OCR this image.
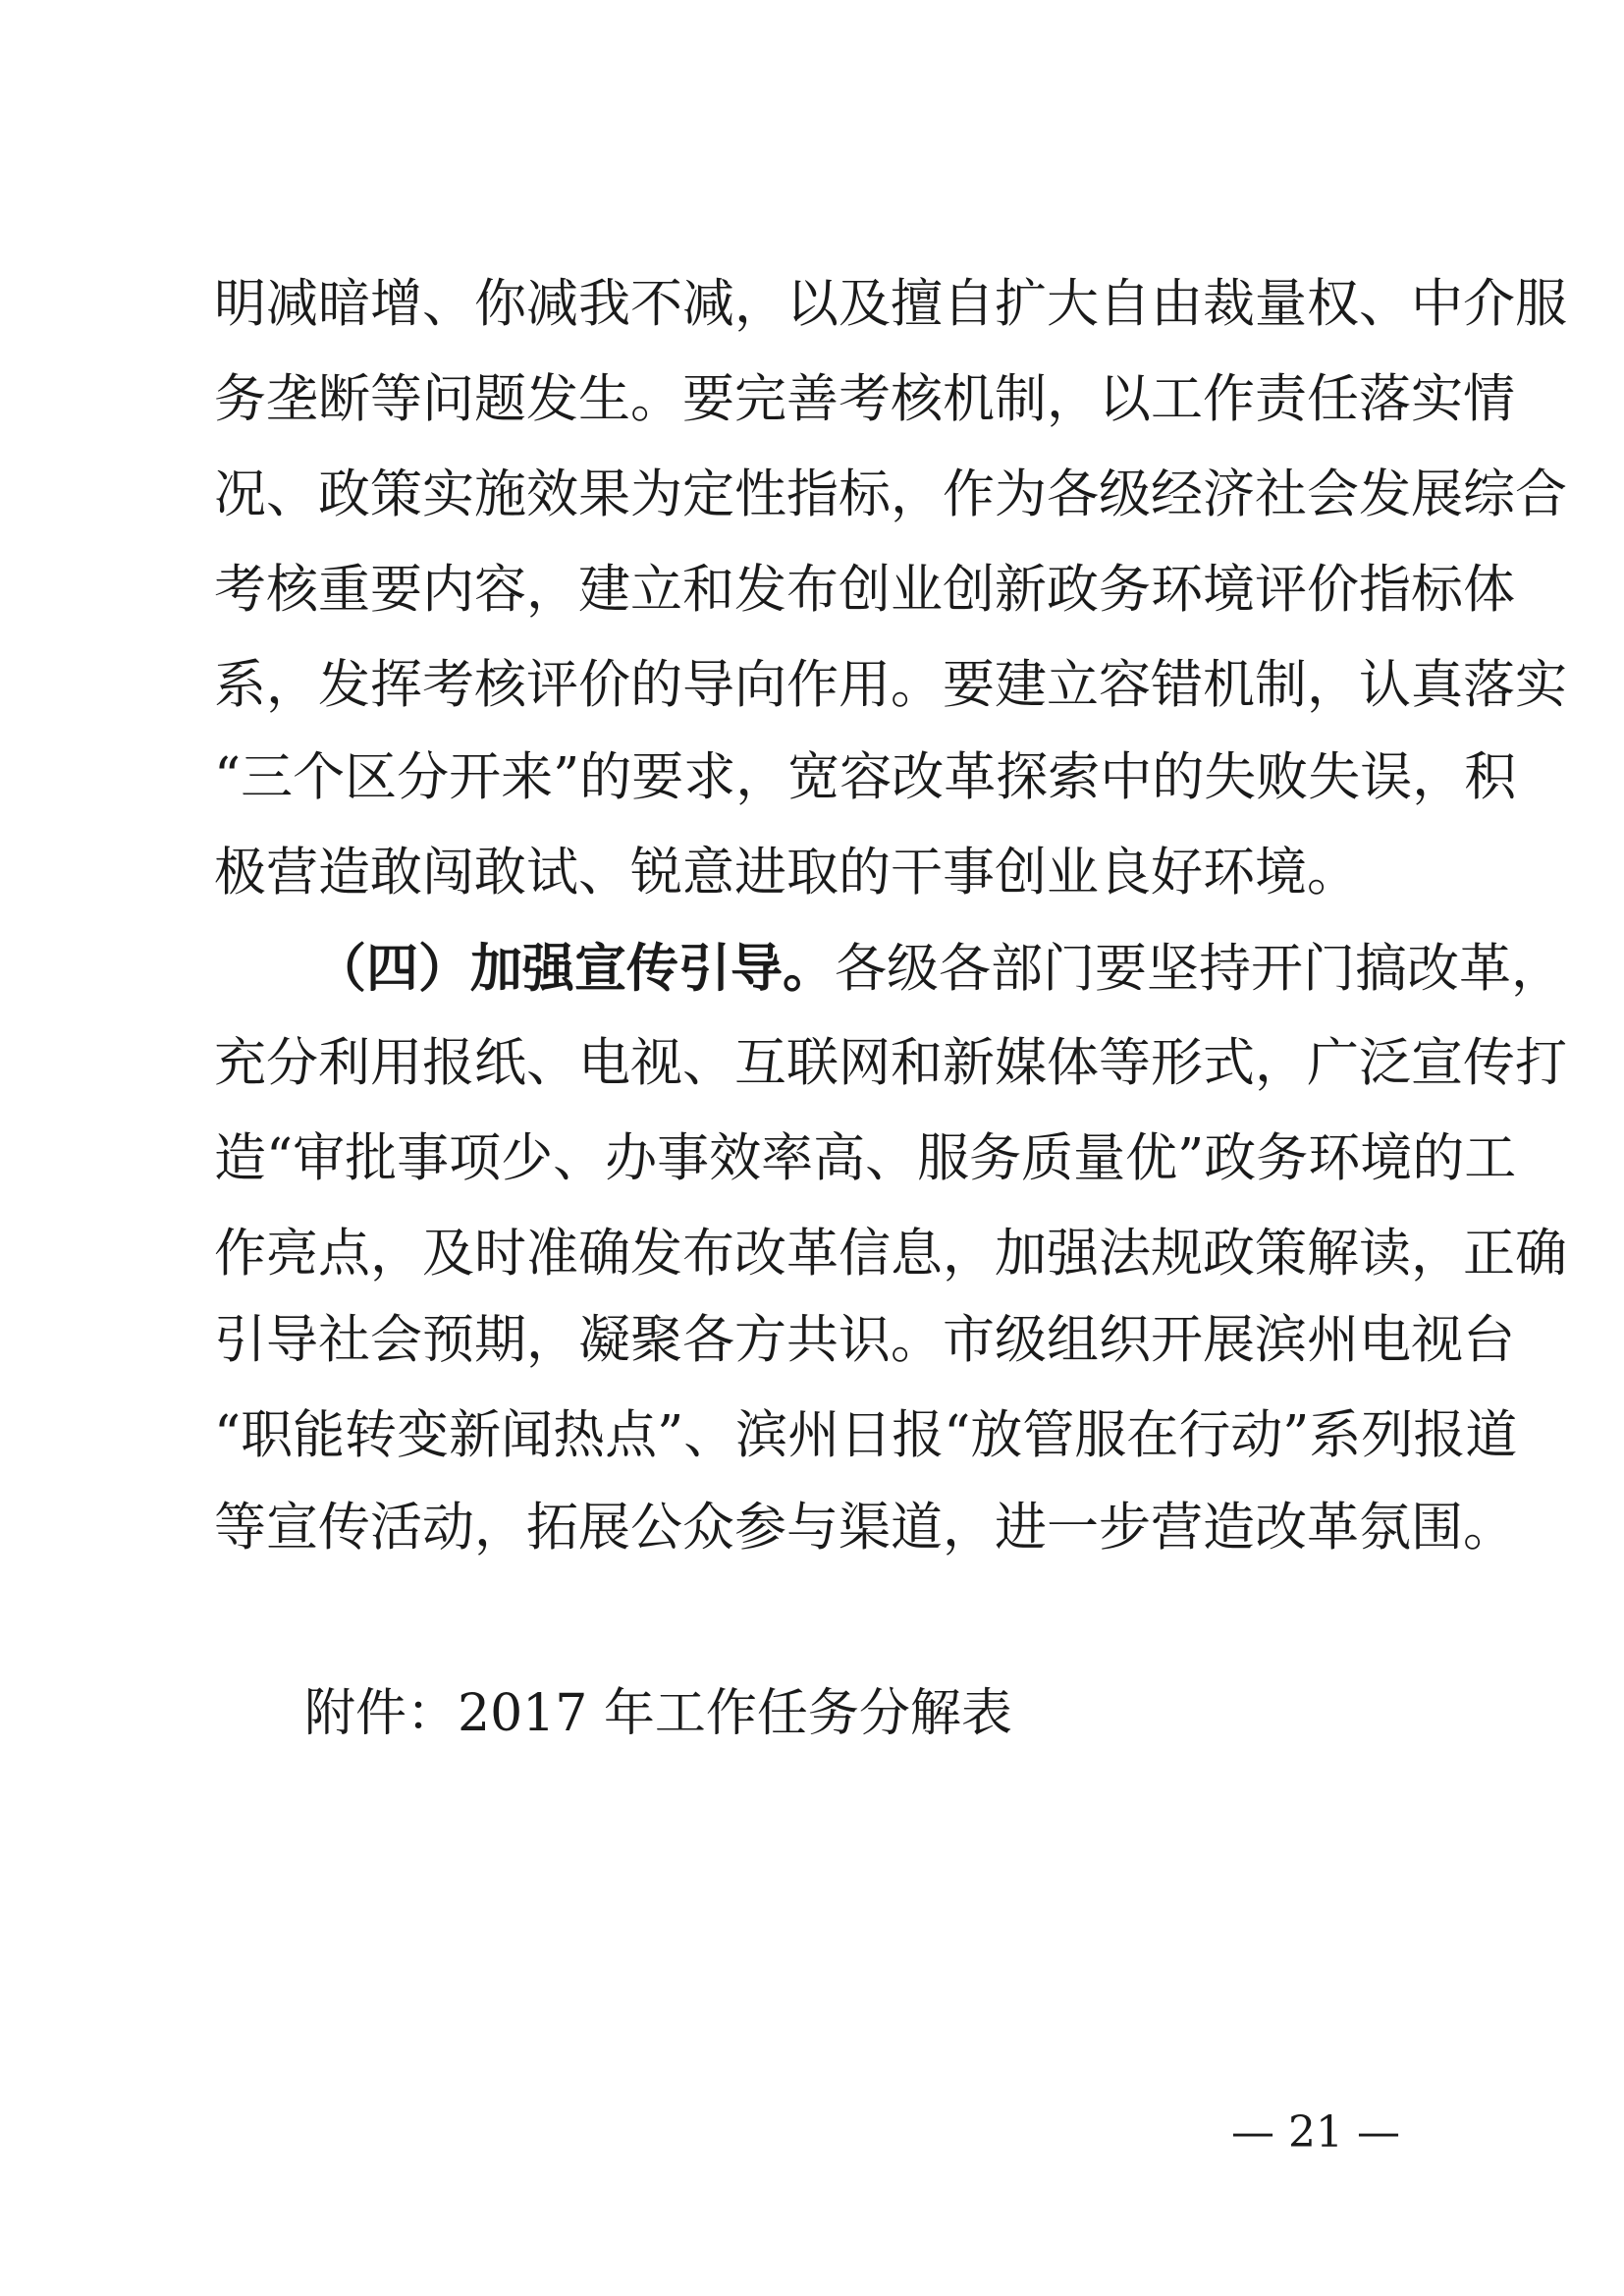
明减暗增、你减我不减，以及擅自扩大自由裁量权、中介服
务垄断等问题发生。要完善考核机制，以工作责任落实情
况、政策实施效果为定性指标，作为各级经济社会发展综合
考核重要内容，建立和发布创业创新政务环境评价指标体
系，发挥考核评价的导向作用。要建立容错机制，认真落实
“三个区分开来”的要求，宽容改革探索中的失败失误，积
极营造敢闯敢试、锐意进取的干事创业良好环境。
（四）加强宣传引导。各级各部门要坚持开门搞改革，
充分利用报纸、电视、互联网和新媒体等形式，广泛宣传打
造“审批事项少、办事效率高、服务质量优”政务环境的工
作亮点，及时准确发布改革信息，加强法规政策解读，正确
引导社会预期，凝聚各方共识。市级组织开展滨州电视台
“职能转变新闻热点”、滨州日报“放管服在行动”系列报道
等宣传活动，拓展公众参与渠道，进一步营造改革氛围。
附件：2017 年工作任务分解表
— 21 —
